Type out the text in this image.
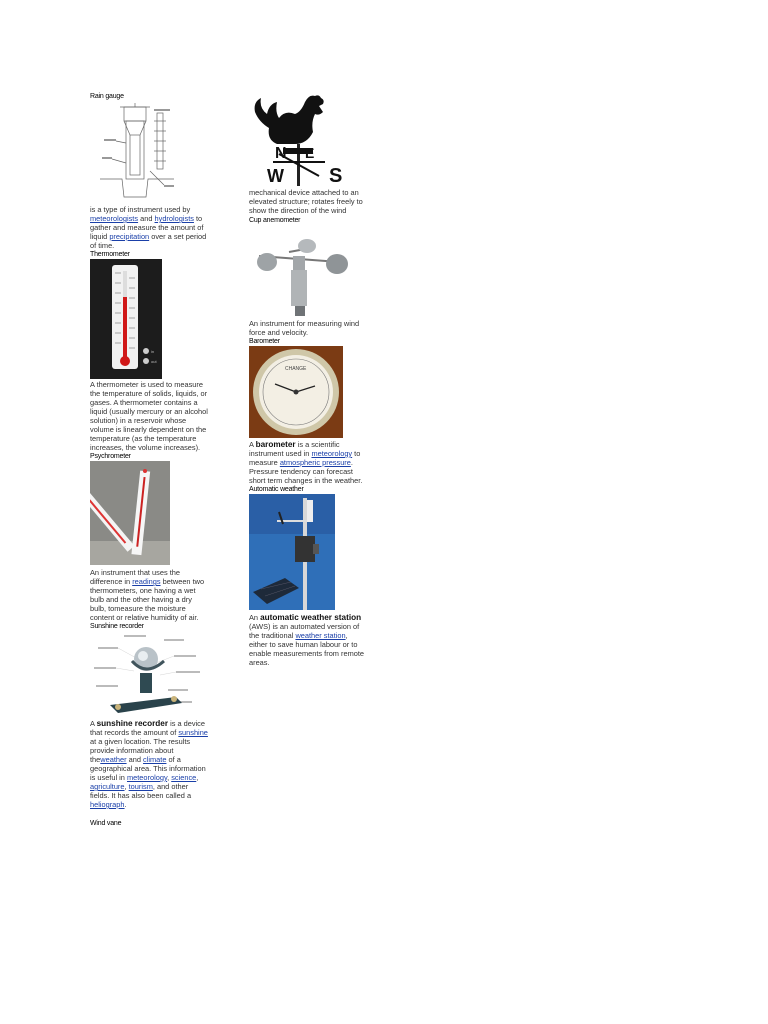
Rain gauge

is a type of instrument used by meteorologists and hydrologists to gather and measure the amount of liquid precipitation over a set period of time.

Thermometer

in
out

A thermometer is used to measure the temperature of solids, liquids, or gases. A thermometer contains a liquid (usually mercury or an alcohol solution) in a reservoir whose volume is linearly dependent on the temperature (as the temperature increases, the volume increases).

Psychrometer

An instrument that uses the difference in readings between two thermometers, one having a wet bulb and the other having a dry bulb, tomeasure the moisture content or relative humidity of air.

Sunshine recorder

A sunshine recorder is a device that records the amount of sunshine at a given location. The results provide information about theweather and climate of a geographical area. This information is useful in meteorology, science, agriculture, tourism, and other fields. It has also been called a heliograph.

Wind vane

N E
W S

mechanical device attached to an elevated structure; rotates freely to show the direction of the wind

Cup anemometer

An instrument for measuring wind force and velocity.

Barometer

CHANGE

A barometer is a scientific instrument used in meteorology to measure atmospheric pressure. Pressure tendency can forecast short term changes in the weather.

Automatic weather

An automatic weather station (AWS) is an automated version of the traditional weather station, either to save human labour or to enable measurements from remote areas.
